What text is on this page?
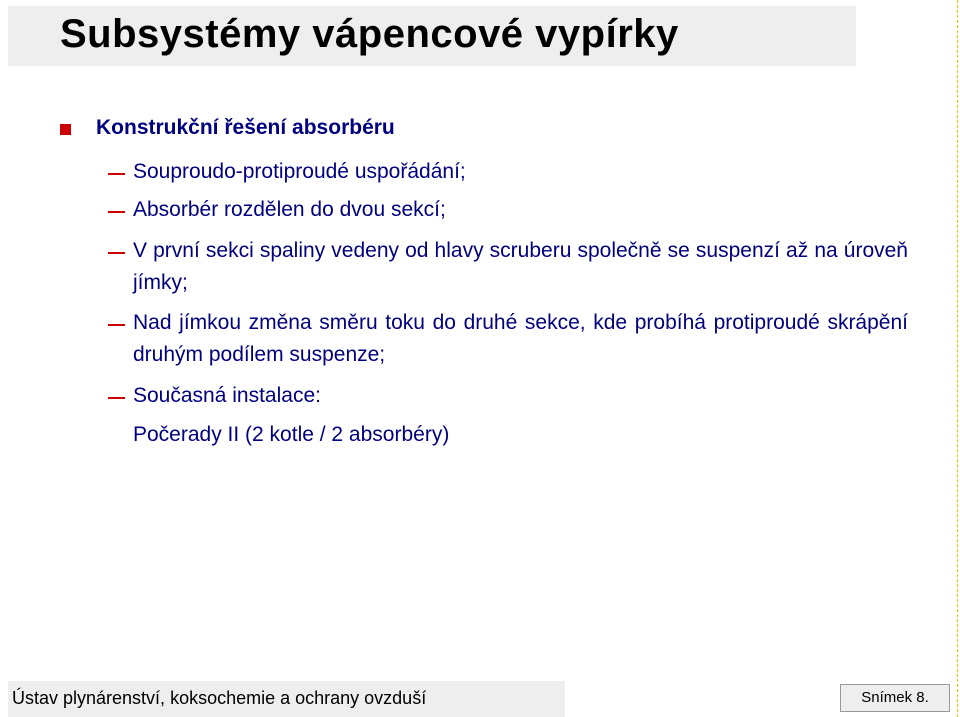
Subsystémy vápencové vypírky
Konstrukční řešení absorbéru
Souproudo-protiproudé uspořádání;
Absorbér rozdělen do dvou sekcí;
V první sekci spaliny vedeny od hlavy scruberu společně se suspenzí až na úroveň jímky;
Nad jímkou změna směru toku do druhé sekce, kde probíhá protiproudé skrápění druhým podílem suspenze;
Současná instalace:
Počerady II (2 kotle / 2 absorbéry)
Ústav plynárenství, koksochemie a ochrany ovzduší	Snímek 8.
